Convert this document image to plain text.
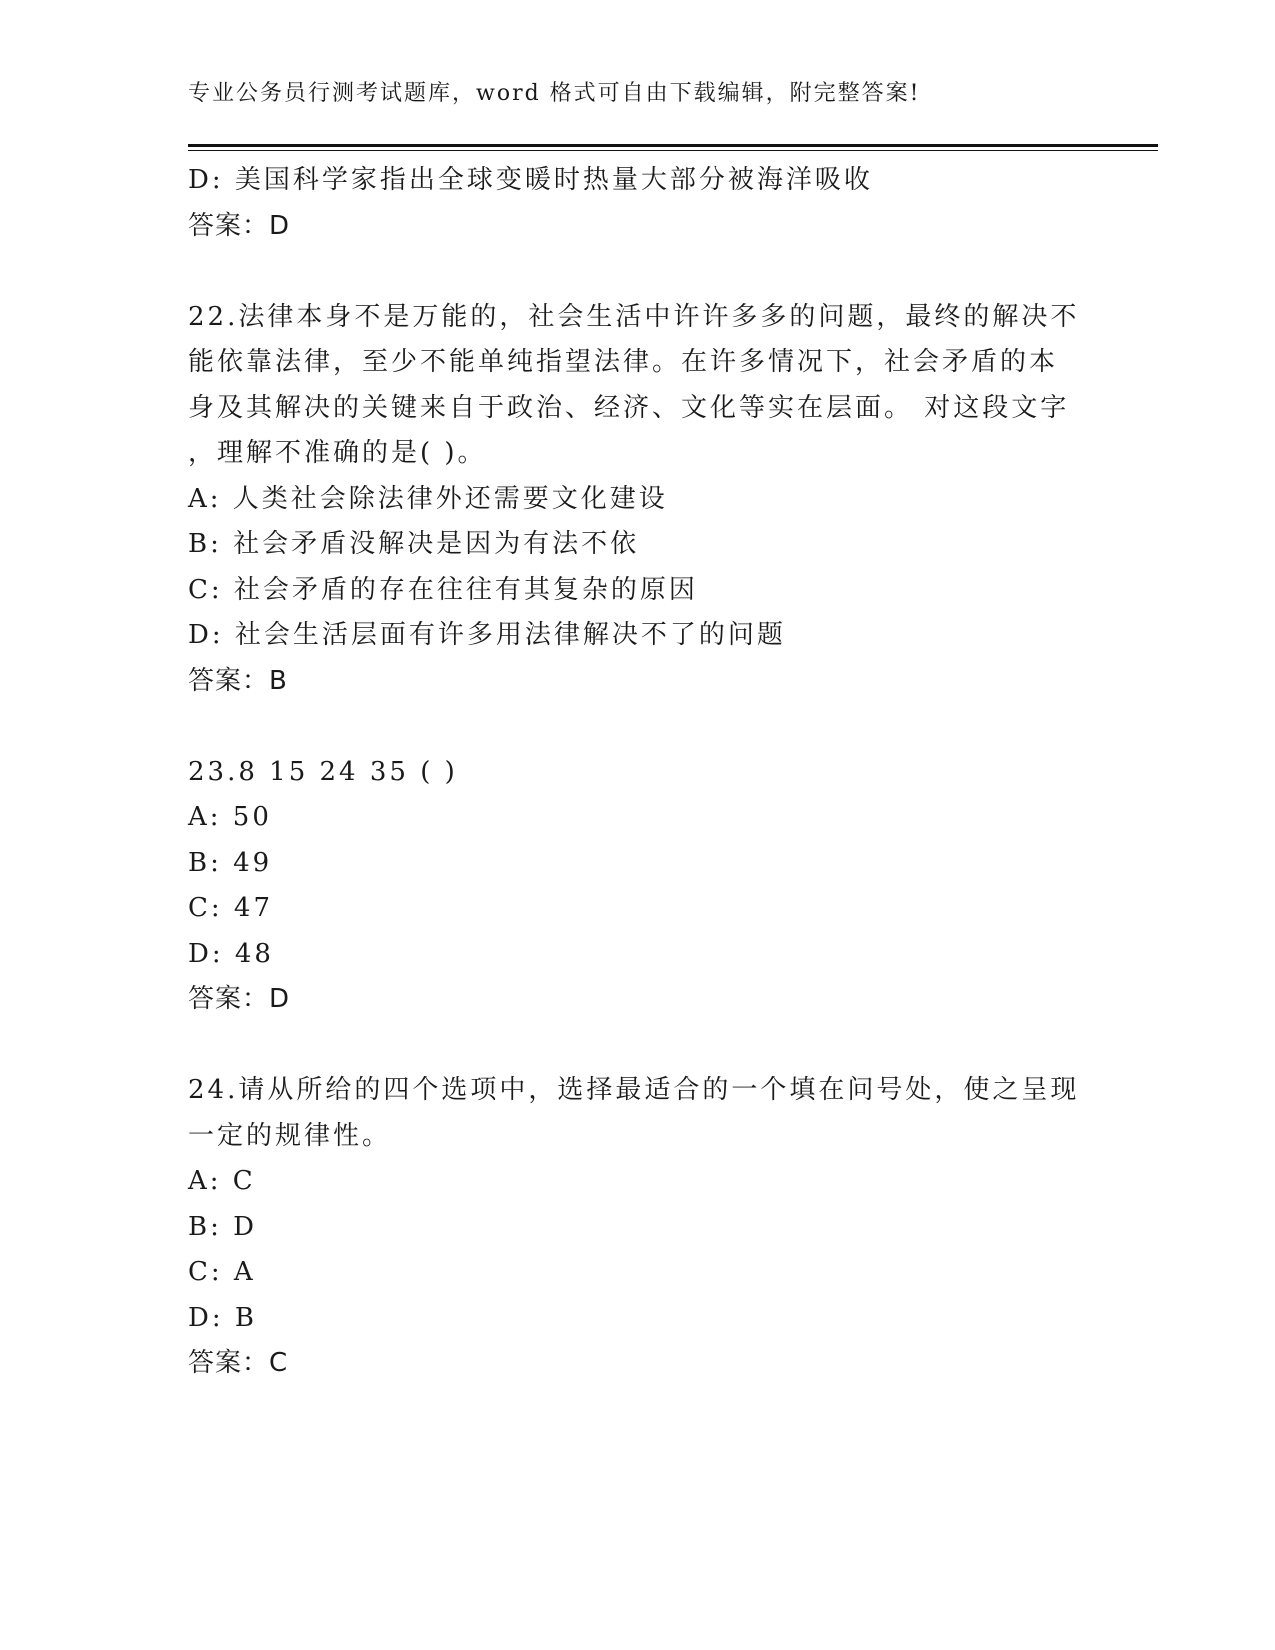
专业公务员行测考试题库，word 格式可自由下载编辑，附完整答案!
D: 美国科学家指出全球变暖时热量大部分被海洋吸收
答案：D
22.法律本身不是万能的，社会生活中许许多多的问题，最终的解决不
能依靠法律，至少不能单纯指望法律。在许多情况下，社会矛盾的本
身及其解决的关键来自于政治、经济、文化等实在层面。 对这段文字
，理解不准确的是( )。
A: 人类社会除法律外还需要文化建设
B: 社会矛盾没解决是因为有法不依
C: 社会矛盾的存在往往有其复杂的原因
D: 社会生活层面有许多用法律解决不了的问题
答案：B
23.8 15 24 35 ( )
A: 50
B: 49
C: 47
D: 48
答案：D
24.请从所给的四个选项中，选择最适合的一个填在问号处，使之呈现
一定的规律性。
A: C
B: D
C: A
D: B
答案：C
